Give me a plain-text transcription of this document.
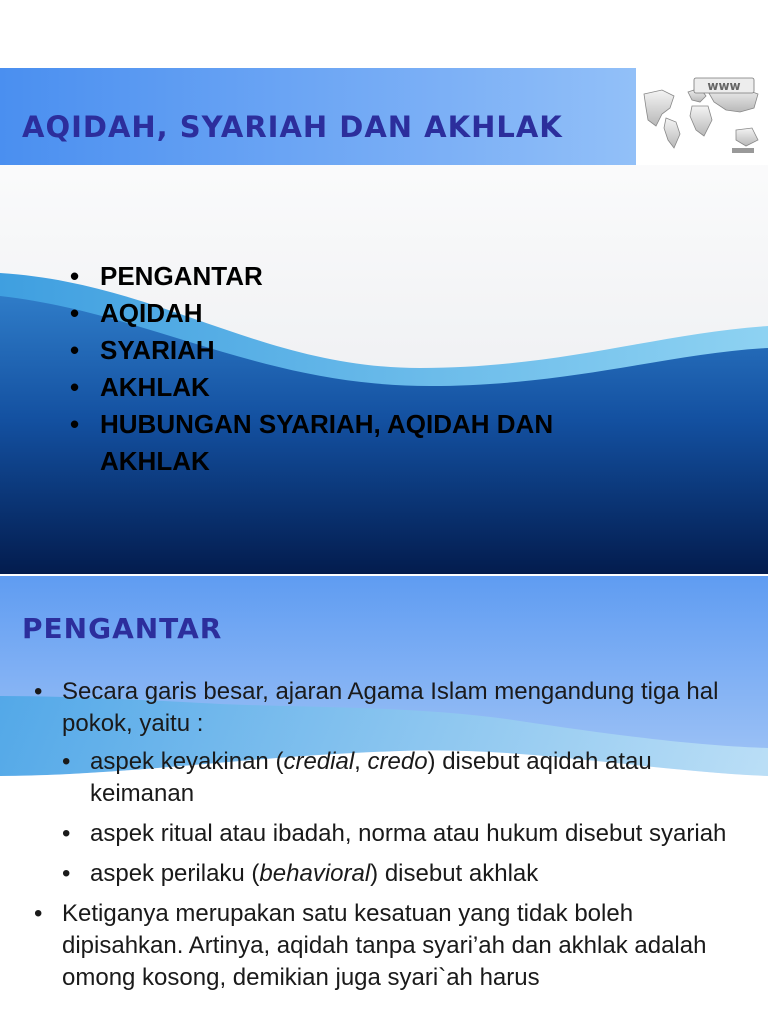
AQIDAH, SYARIAH DAN AKHLAK
www
• PENGANTAR
• AQIDAH
• SYARIAH
• AKHLAK
• HUBUNGAN SYARIAH, AQIDAH DAN AKHLAK
PENGANTAR
• Secara garis besar, ajaran Agama Islam mengandung tiga hal pokok, yaitu :
• aspek keyakinan (credial, credo) disebut aqidah atau keimanan
• aspek ritual atau ibadah, norma atau hukum disebut syariah
• aspek perilaku (behavioral) disebut akhlak
• Ketiganya merupakan satu kesatuan yang tidak boleh dipisahkan. Artinya, aqidah tanpa syari’ah dan akhlak adalah omong kosong, demikian juga syari`ah harus
